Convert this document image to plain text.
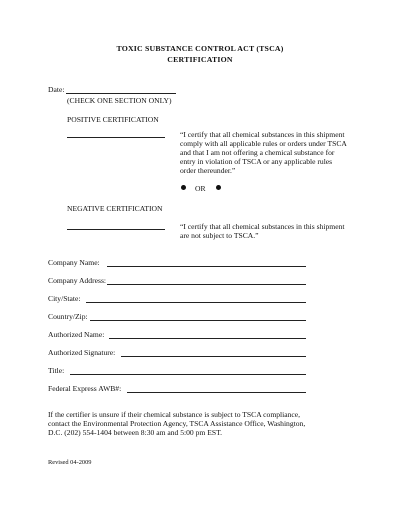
TOXIC SUBSTANCE CONTROL ACT (TSCA)
CERTIFICATION
Date:
(CHECK ONE SECTION ONLY)
POSITIVE CERTIFICATION
“I certify that all chemical substances in this shipment
comply with all applicable rules or orders under TSCA
and that I am not offering a chemical substance for
entry in violation of TSCA or any applicable rules
order thereunder.”
OR
NEGATIVE CERTIFICATION
“I certify that all chemical substances in this shipment
are not subject to TSCA.”
Company Name:
Company Address:
City/State:
Country/Zip:
Authorized Name:
Authorized Signature:
Title:
Federal Express AWB#:
If the certifier is unsure if their chemical substance is subject to TSCA compliance,
contact the Environmental Protection Agency, TSCA Assistance Office, Washington,
D.C. (202) 554-1404 between 8:30 am and 5:00 pm EST.
Revised 04-2009
